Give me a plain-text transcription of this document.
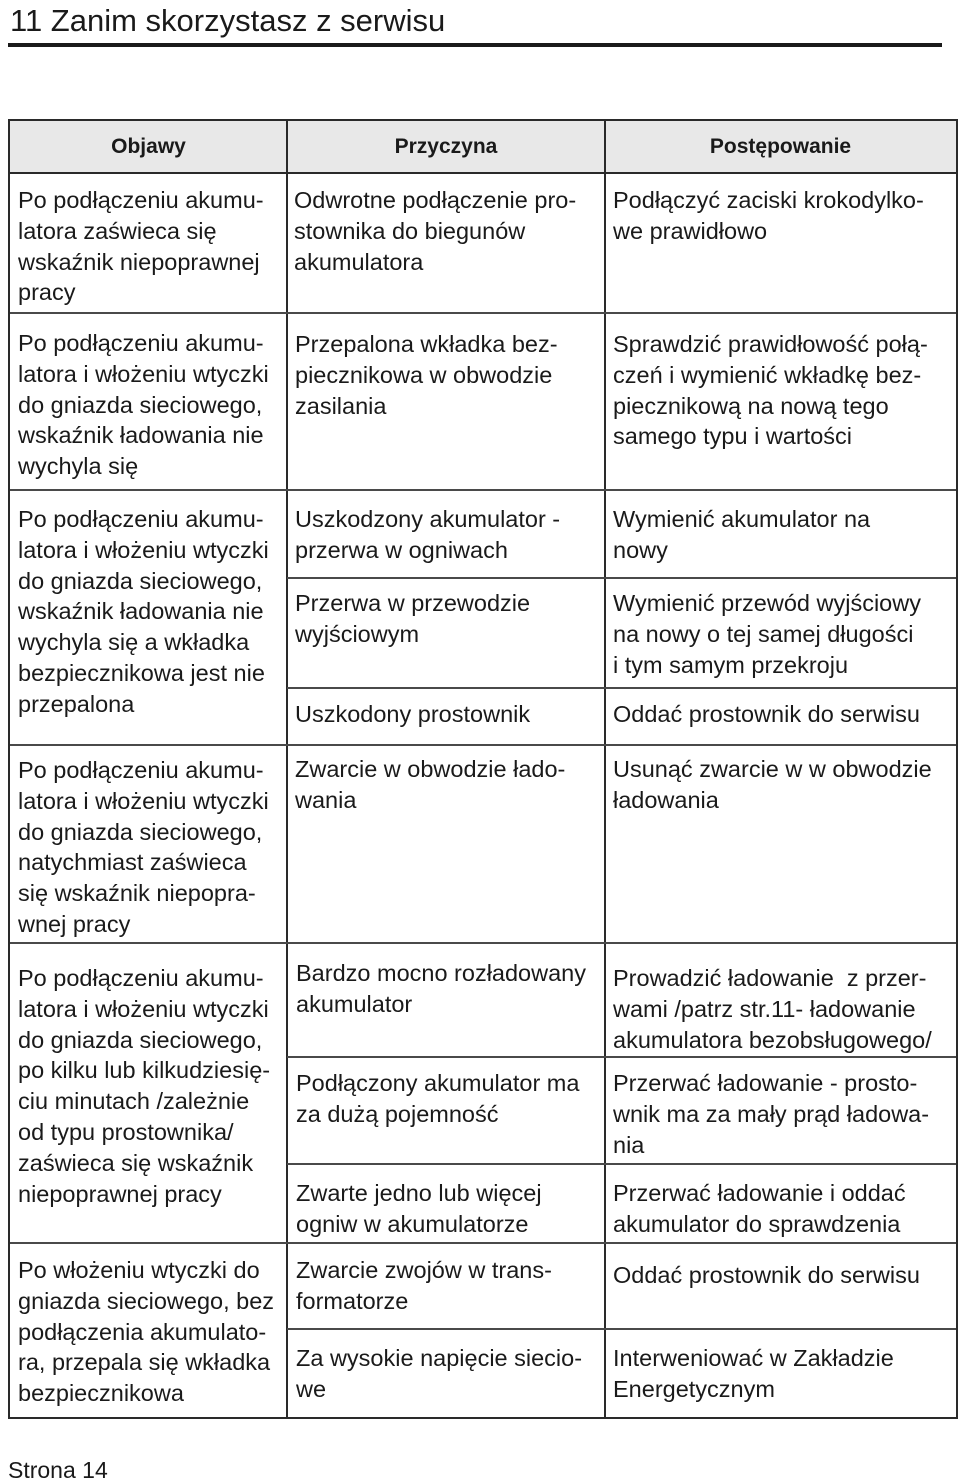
11 Zanim skorzystasz z serwisu
Objawy	Przyczyna	Postępowanie
Po podłączeniu akumu-
latora zaświeca się
wskaźnik niepoprawnej
pracy
Po podłączeniu akumu-
latora i włożeniu wtyczki
do gniazda sieciowego,
wskaźnik ładowania nie
wychyla się
Po podłączeniu akumu-
latora i włożeniu wtyczki
do gniazda sieciowego,
wskaźnik ładowania nie
wychyla się a wkładka
bezpiecznikowa jest nie
przepalona
Po podłączeniu akumu-
latora i włożeniu wtyczki
do gniazda sieciowego,
natychmiast zaświeca
się wskaźnik niepopra-
wnej pracy
Po podłączeniu akumu-
latora i włożeniu wtyczki
do gniazda sieciowego,
po kilku lub kilkudziesię-
ciu minutach /zależnie
od typu prostownika/
zaświeca się wskaźnik
niepoprawnej pracy
Po włożeniu wtyczki do
gniazda sieciowego, bez
podłączenia akumulato-
ra, przepala się wkładka
bezpiecznikowa
Odwrotne podłączenie pro-
stownika do biegunów
akumulatora
Przepalona wkładka bez-
piecznikowa w obwodzie
zasilania
Uszkodzony akumulator -
przerwa w ogniwach
Przerwa w przewodzie
wyjściowym
Uszkodony prostownik
Zwarcie w obwodzie łado-
wania
Bardzo mocno rozładowany
akumulator
Podłączony akumulator ma
za dużą pojemność
Zwarte jedno lub więcej
ogniw w akumulatorze
Zwarcie zwojów w trans-
formatorze
Za wysokie napięcie siecio-
we
Podłączyć zaciski krokodylko-
we prawidłowo
Sprawdzić prawidłowość połą-
czeń i wymienić wkładkę bez-
piecznikową na nową tego
samego typu i wartości
Wymienić akumulator na
nowy
Wymienić przewód wyjściowy
na nowy o tej samej długości
i tym samym przekroju
Oddać prostownik do serwisu
Usunąć zwarcie w w obwodzie
ładowania
Prowadzić ładowanie  z przer-
wami /patrz str.11- ładowanie
akumulatora bezobsługowego/
Przerwać ładowanie - prosto-
wnik ma za mały prąd ładowa-
nia
Przerwać ładowanie i oddać
akumulator do sprawdzenia
Oddać prostownik do serwisu
Interweniować w Zakładzie
Energetycznym
Strona 14
